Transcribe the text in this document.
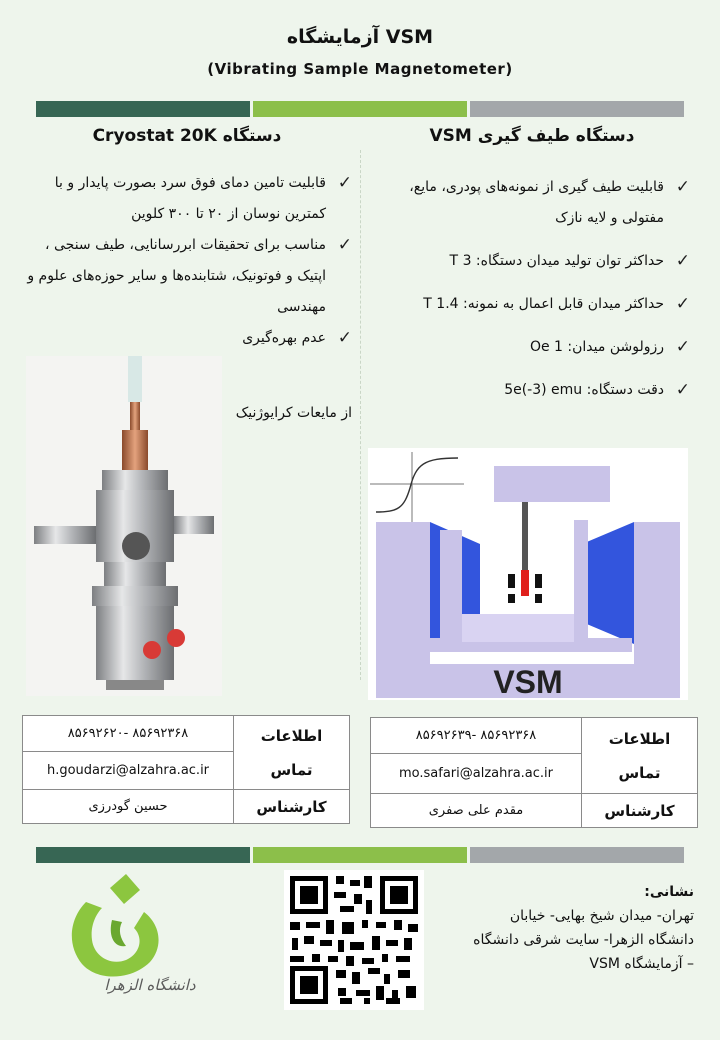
آزمایشگاه VSM
(Vibrating Sample Magnetometer)
دستگاه طیف گیری VSM
✓
قابلیت طیف گیری از نمونه‌های پودری، مایع، مفتولی و لایه نازک
✓
حداکثر توان تولید میدان دستگاه: 3 T
✓
حداکثر میدان قابل اعمال به نمونه: 1.4 T
✓
رزولوشن میدان: 1 Oe
✓
دقت دستگاه: 5e(-3) emu
VSM
دستگاه Cryostat 20K
✓
قابلیت تامین دمای فوق سرد بصورت پایدار و با کمترین نوسان از ۲۰ تا ۳۰۰ کلوین
✓
مناسب برای تحقیقات ابررسانایی، طیف سنجی ، اپتیک و فوتونیک، شتابنده‌ها و سایر حوزه‌های علوم و مهندسی
✓
عدم بهره‌گیری
از مایعات کرایوژنیک
اطلاعات
تماس	۸۵۶۹۲۳۶۸ -۸۵۶۹۲۶۲۰
	h.goudarzi@alzahra.ac.ir
کارشناس	حسین گودرزی
اطلاعات
تماس	۸۵۶۹۲۳۶۸ -۸۵۶۹۲۶۳۹
	mo.safari@alzahra.ac.ir
کارشناس	مقدم علی صفری
دانشگاه الزهرا
نشانی:
تهران- میدان شیخ بهایی- خیابان
دانشگاه الزهرا- سایت شرقی دانشگاه
– آزمایشگاه VSM
